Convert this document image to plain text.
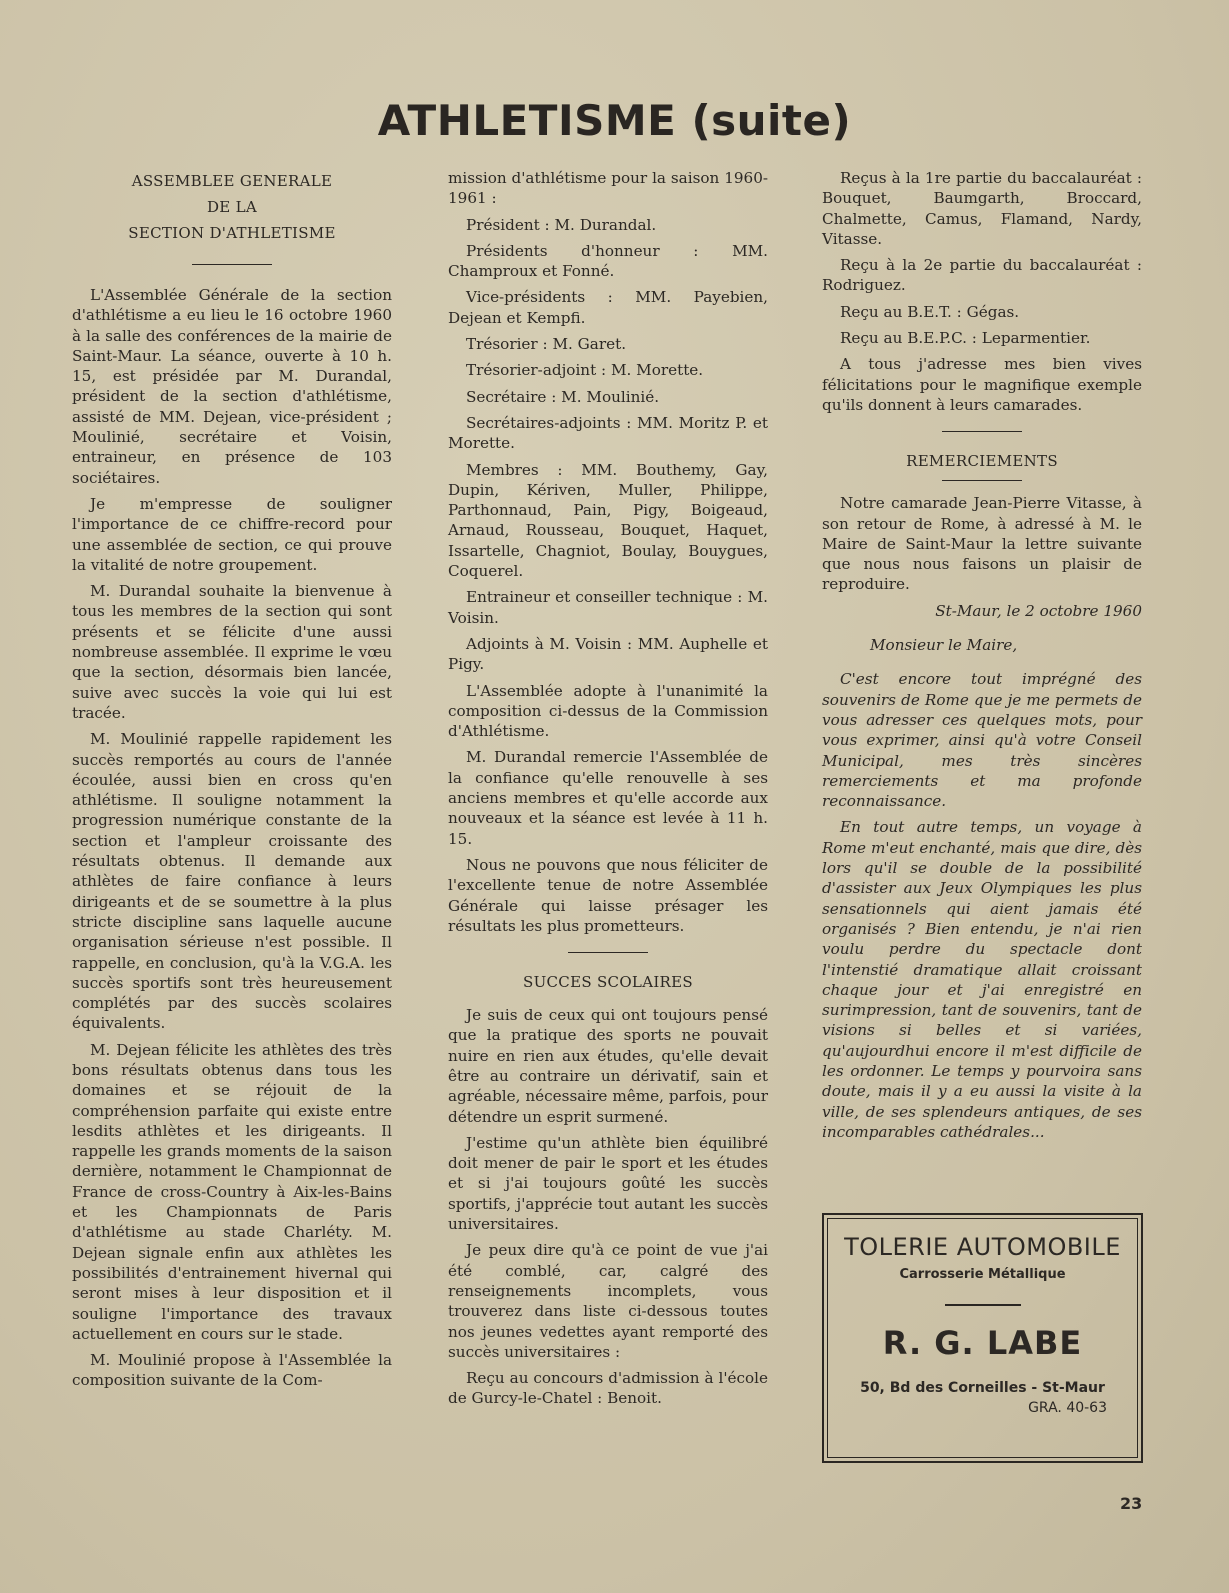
ATHLETISME (suite)
ASSEMBLEE GENERALE
DE LA
SECTION D'ATHLETISME

L'Assemblée Générale de la section d'athlétisme a eu lieu le 16 octobre 1960 à la salle des conférences de la mairie de Saint-Maur. La séance, ouverte à 10 h. 15, est présidée par M. Durandal, président de la section d'athlétisme, assisté de MM. Dejean, vice-président ; Moulinié, secrétaire et Voisin, entraineur, en présence de 103 sociétaires.

Je m'empresse de souligner l'importance de ce chiffre-record pour une assemblée de section, ce qui prouve la vitalité de notre groupement.

M. Durandal souhaite la bienvenue à tous les membres de la section qui sont présents et se félicite d'une aussi nombreuse assemblée. Il exprime le vœu que la section, désormais bien lancée, suive avec succès la voie qui lui est tracée.

M. Moulinié rappelle rapidement les succès remportés au cours de l'année écoulée, aussi bien en cross qu'en athlétisme. Il souligne notamment la progression numérique constante de la section et l'ampleur croissante des résultats obtenus. Il demande aux athlètes de faire confiance à leurs dirigeants et de se soumettre à la plus stricte discipline sans laquelle aucune organisation sérieuse n'est possible. Il rappelle, en conclusion, qu'à la V.G.A. les succès sportifs sont très heureusement complétés par des succès scolaires équivalents.

M. Dejean félicite les athlètes des très bons résultats obtenus dans tous les domaines et se réjouit de la compréhension parfaite qui existe entre lesdits athlètes et les dirigeants. Il rappelle les grands moments de la saison dernière, notamment le Championnat de France de cross-Country à Aix-les-Bains et les Championnats de Paris d'athlétisme au stade Charléty. M. Dejean signale enfin aux athlètes les possibilités d'entrainement hivernal qui seront mises à leur disposition et il souligne l'importance des travaux actuellement en cours sur le stade.

M. Moulinié propose à l'Assemblée la composition suivante de la Com-

mission d'athlétisme pour la saison 1960-1961 :

Président : M. Durandal.

Présidents d'honneur : MM. Champroux et Fonné.

Vice-présidents : MM. Payebien, Dejean et Kempfi.

Trésorier : M. Garet.

Trésorier-adjoint : M. Morette.

Secrétaire : M. Moulinié.

Secrétaires-adjoints : MM. Moritz P. et Morette.

Membres : MM. Bouthemy, Gay, Dupin, Kériven, Muller, Philippe, Parthonnaud, Pain, Pigy, Boigeaud, Arnaud, Rousseau, Bouquet, Haquet, Issartelle, Chagniot, Boulay, Bouygues, Coquerel.

Entraineur et conseiller technique : M. Voisin.

Adjoints à M. Voisin : MM. Auphelle et Pigy.

L'Assemblée adopte à l'unanimité la composition ci-dessus de la Commission d'Athlétisme.

M. Durandal remercie l'Assemblée de la confiance qu'elle renouvelle à ses anciens membres et qu'elle accorde aux nouveaux et la séance est levée à 11 h. 15.

Nous ne pouvons que nous féliciter de l'excellente tenue de notre Assemblée Générale qui laisse présager les résultats les plus prometteurs.

SUCCES SCOLAIRES

Je suis de ceux qui ont toujours pensé que la pratique des sports ne pouvait nuire en rien aux études, qu'elle devait être au contraire un dérivatif, sain et agréable, nécessaire même, parfois, pour détendre un esprit surmené.

J'estime qu'un athlète bien équilibré doit mener de pair le sport et les études et si j'ai toujours goûté les succès sportifs, j'apprécie tout autant les succès universitaires.

Je peux dire qu'à ce point de vue j'ai été comblé, car, calgré des renseignements incomplets, vous trouverez dans liste ci-dessous toutes nos jeunes vedettes ayant remporté des succès universitaires :

Reçu au concours d'admission à l'école de Gurcy-le-Chatel : Benoit.

Reçus à la 1re partie du baccalauréat : Bouquet, Baumgarth, Broccard, Chalmette, Camus, Flamand, Nardy, Vitasse.

Reçu à la 2e partie du baccalauréat : Rodriguez.

Reçu au B.E.T. : Gégas.

Reçu au B.E.P.C. : Leparmentier.

A tous j'adresse mes bien vives félicitations pour le magnifique exemple qu'ils donnent à leurs camarades.

REMERCIEMENTS

Notre camarade Jean-Pierre Vitasse, à son retour de Rome, à adressé à M. le Maire de Saint-Maur la lettre suivante que nous nous faisons un plaisir de reproduire.

St-Maur, le 2 octobre 1960

Monsieur le Maire,

C'est encore tout imprégné des souvenirs de Rome que je me permets de vous adresser ces quelques mots, pour vous exprimer, ainsi qu'à votre Conseil Municipal, mes très sincères remerciements et ma profonde reconnaissance.

En tout autre temps, un voyage à Rome m'eut enchanté, mais que dire, dès lors qu'il se double de la possibilité d'assister aux Jeux Olympiques les plus sensationnels qui aient jamais été organisés ? Bien entendu, je n'ai rien voulu perdre du spectacle dont l'intenstié dramatique allait croissant chaque jour et j'ai enregistré en surimpression, tant de souvenirs, tant de visions si belles et si variées, qu'aujourdhui encore il m'est difficile de les ordonner. Le temps y pourvoira sans doute, mais il y a eu aussi la visite à la ville, de ses splendeurs antiques, de ses incomparables cathédrales...

TOLERIE AUTOMOBILE
Carrosserie Métallique
R. G. LABE
50, Bd des Corneilles - St-Maur
GRA. 40-63
23
